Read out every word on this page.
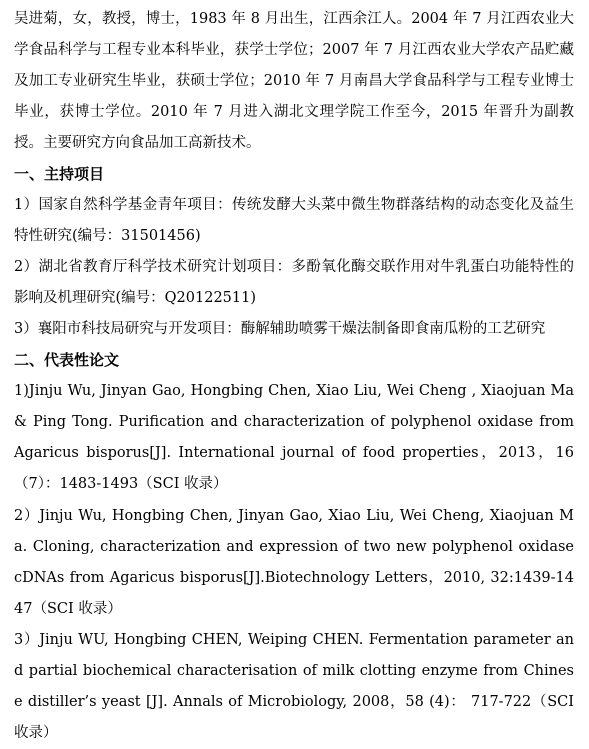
吴进菊，女，教授，博士，1983 年 8 月出生，江西余江人。2004 年 7 月江西农业大学食品科学与工程专业本科毕业，获学士学位；2007 年 7 月江西农业大学农产品贮藏及加工专业研究生毕业，获硕士学位；2010 年 7 月南昌大学食品科学与工程专业博士毕业，获博士学位。2010 年 7 月进入湖北文理学院工作至今，2015 年晋升为副教授。主要研究方向食品加工高新技术。

一、主持项目

1）国家自然科学基金青年项目：传统发酵大头菜中微生物群落结构的动态变化及益生特性研究(编号：31501456)

2）湖北省教育厅科学技术研究计划项目：多酚氧化酶交联作用对牛乳蛋白功能特性的影响及机理研究(编号：Q20122511)

3）襄阳市科技局研究与开发项目：酶解辅助喷雾干燥法制备即食南瓜粉的工艺研究

二、代表性论文

1)Jinju Wu, Jinyan Gao, Hongbing Chen, Xiao Liu, Wei Cheng , Xiaojuan Ma & Ping Tong. Purification and characterization of polyphenol oxidase from Agaricus bisporus[J]. International journal of food properties，2013，16（7）：1483-1493（SCI 收录）

2）Jinju Wu, Hongbing Chen, Jinyan Gao, Xiao Liu, Wei Cheng, Xiaojuan Ma. Cloning, characterization and expression of two new polyphenol oxidase cDNAs from Agaricus bisporus[J].Biotechnology Letters，2010, 32:1439-1447（SCI 收录）

3）Jinju WU, Hongbing CHEN, Weiping CHEN. Fermentation parameter and partial biochemical characterisation of milk clotting enzyme from Chinese distiller’s yeast [J]. Annals of Microbiology, 2008，58 (4)： 717-722（SCI 收录）
